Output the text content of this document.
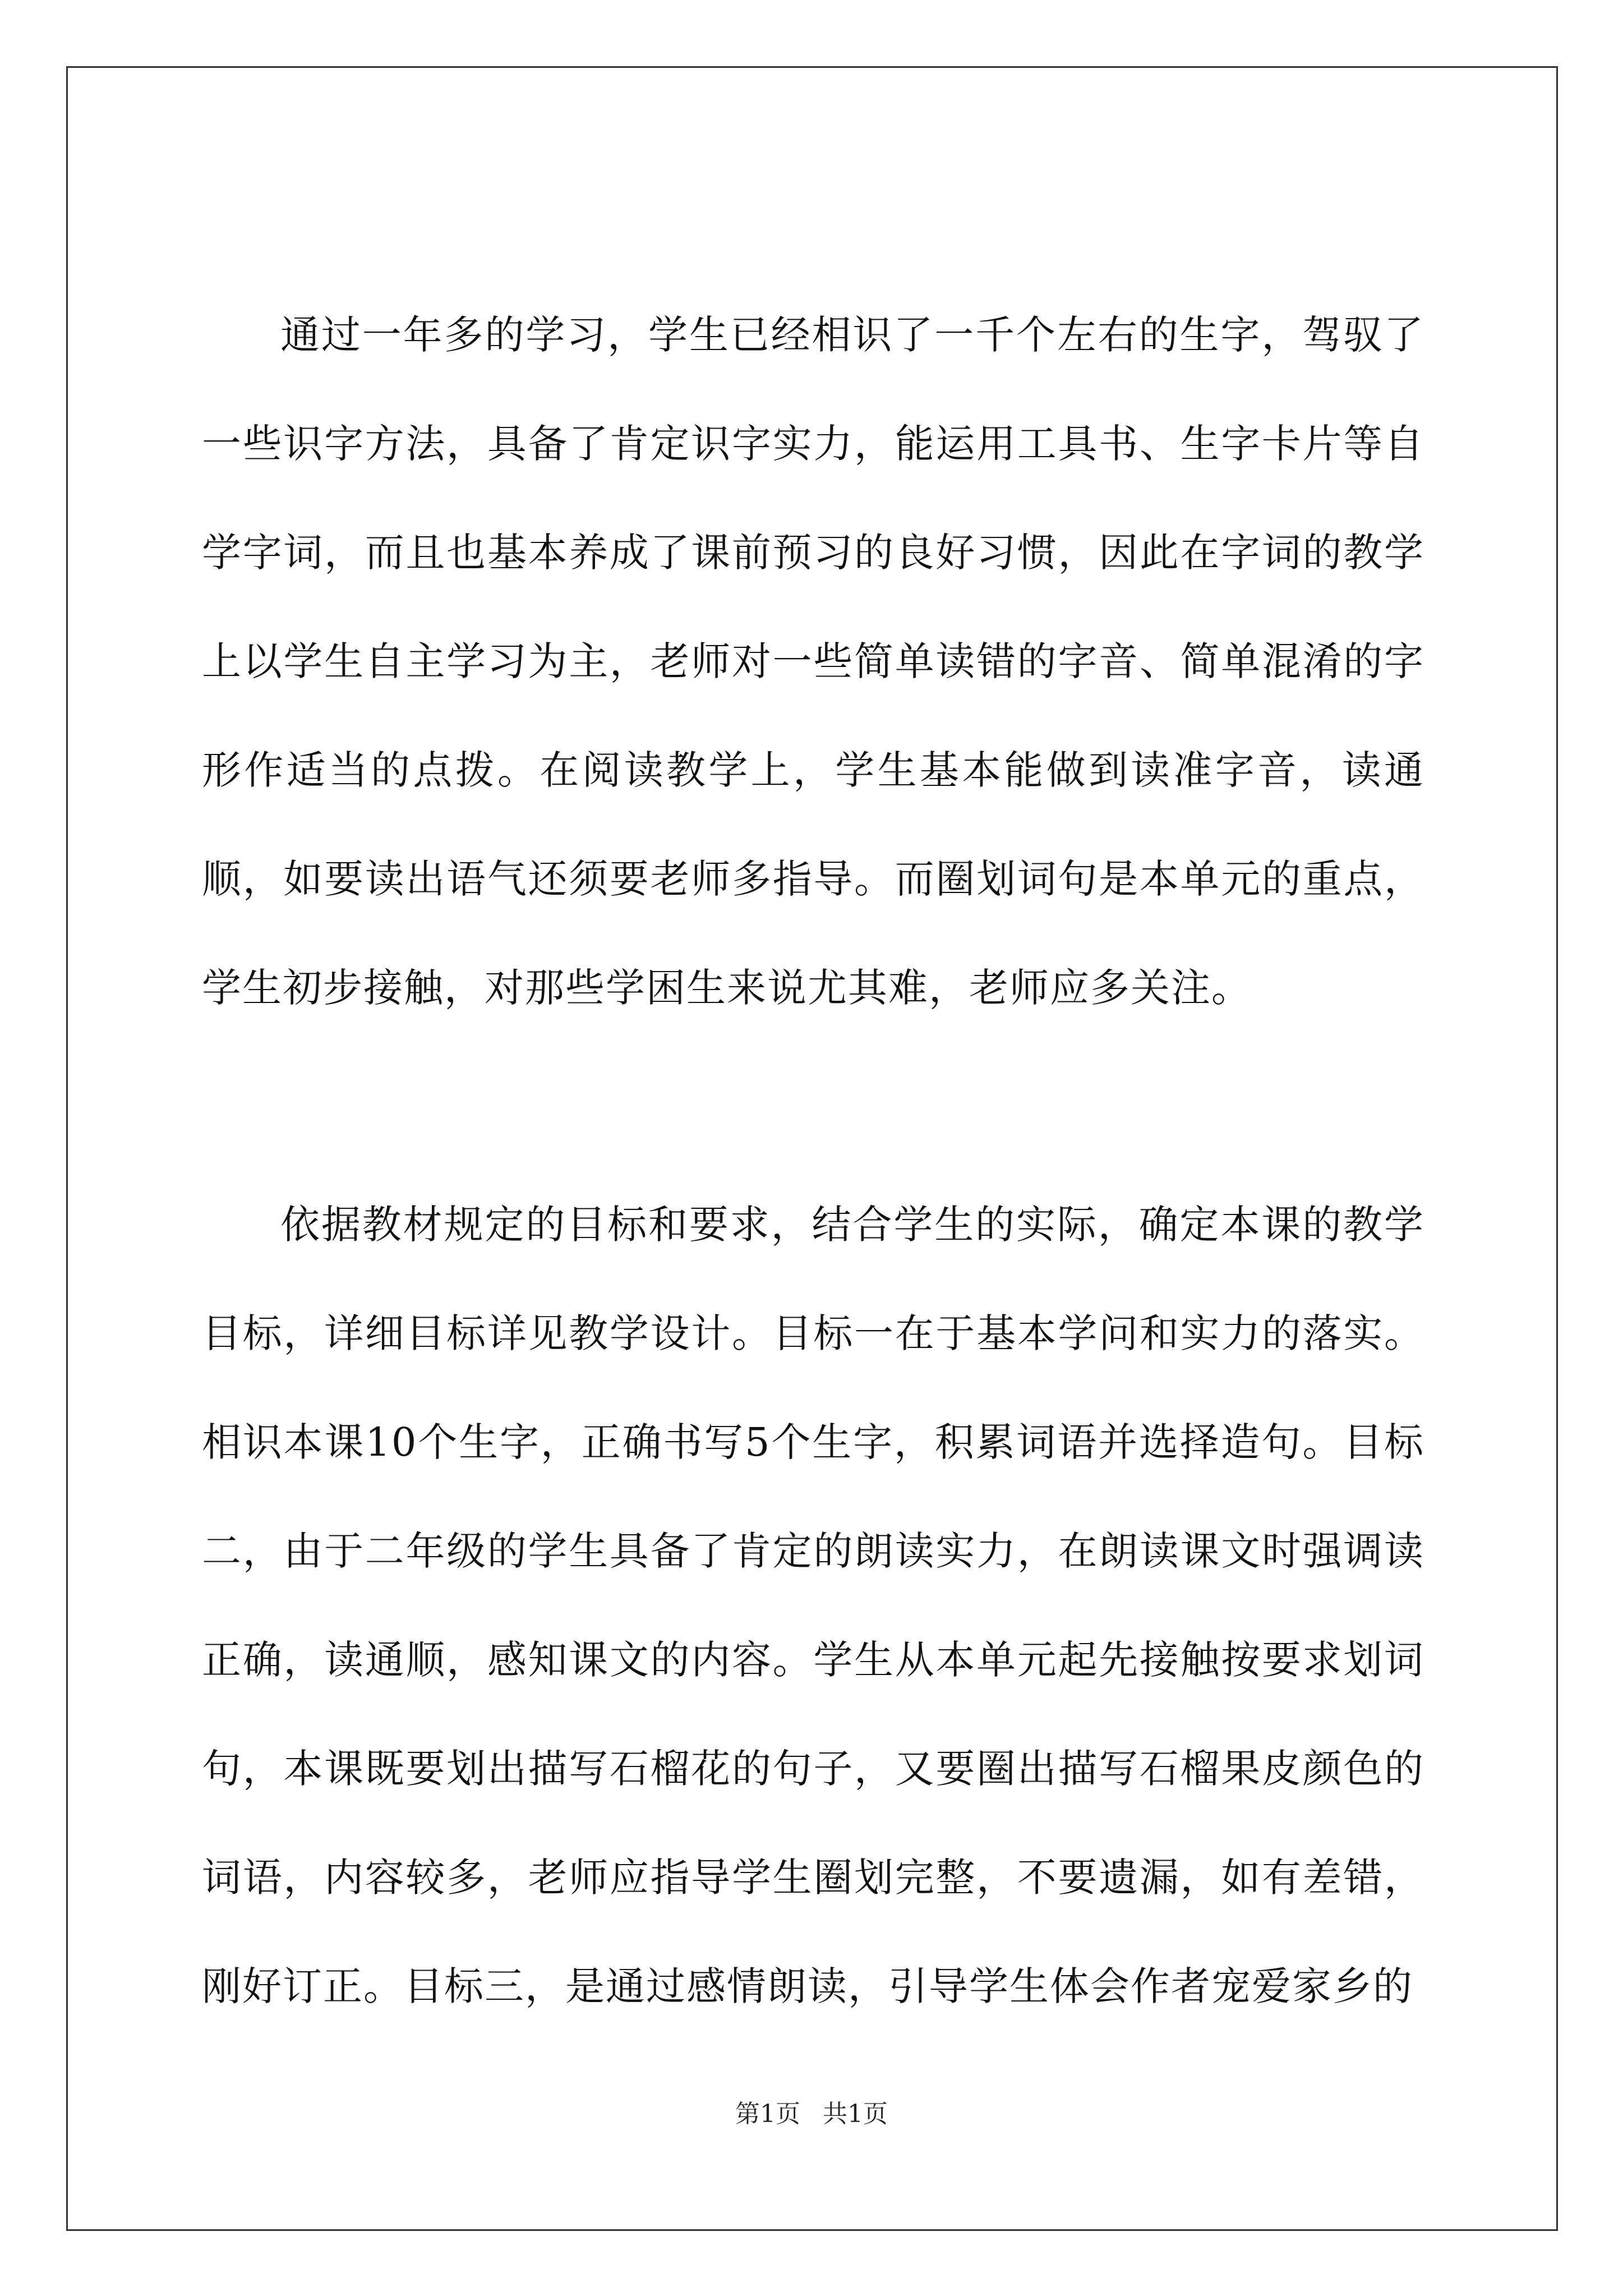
通过一年多的学习，学生已经相识了一千个左右的生字，驾驭了一些识字方法，具备了肯定识字实力，能运用工具书、生字卡片等自学字词，而且也基本养成了课前预习的良好习惯，因此在字词的教学上以学生自主学习为主，老师对一些简单读错的字音、简单混淆的字形作适当的点拨。在阅读教学上，学生基本能做到读准字音，读通顺，如要读出语气还须要老师多指导。而圈划词句是本单元的重点，学生初步接触，对那些学困生来说尤其难，老师应多关注。

依据教材规定的目标和要求，结合学生的实际，确定本课的教学目标，详细目标详见教学设计。目标一在于基本学问和实力的落实。相识本课10个生字，正确书写5个生字，积累词语并选择造句。目标二，由于二年级的学生具备了肯定的朗读实力，在朗读课文时强调读正确，读通顺，感知课文的内容。学生从本单元起先接触按要求划词句，本课既要划出描写石榴花的句子，又要圈出描写石榴果皮颜色的词语，内容较多，老师应指导学生圈划完整，不要遗漏，如有差错，刚好订正。目标三，是通过感情朗读，引导学生体会作者宠爱家乡的

第1页 共1页
